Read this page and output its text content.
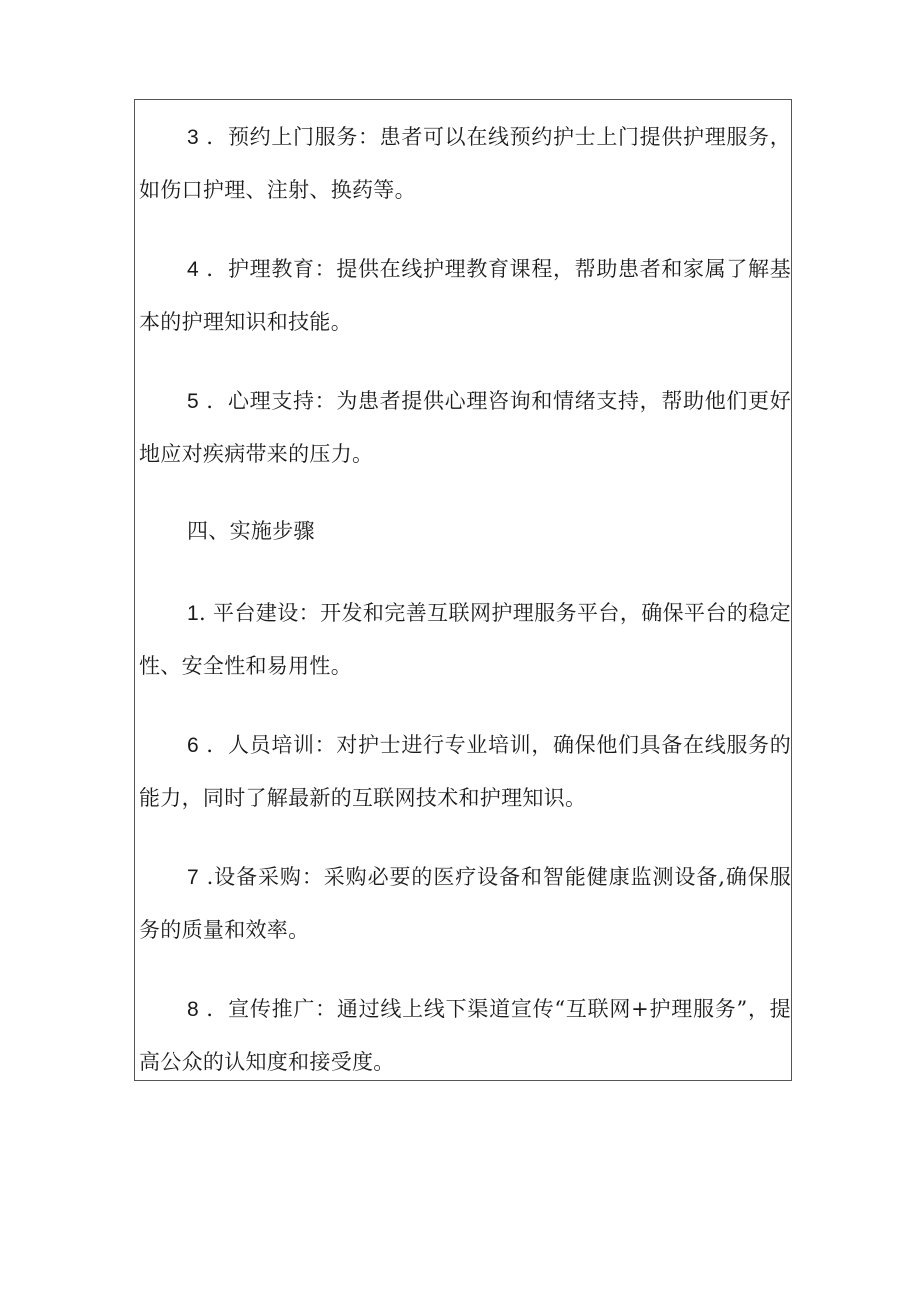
3 ．预约上门服务：患者可以在线预约护士上门提供护理服务，如伤口护理、注射、换药等。

4 ．护理教育：提供在线护理教育课程，帮助患者和家属了解基本的护理知识和技能。

5 ．心理支持：为患者提供心理咨询和情绪支持，帮助他们更好地应对疾病带来的压力。

四、实施步骤

1. 平台建设：开发和完善互联网护理服务平台，确保平台的稳定性、安全性和易用性。

6 ．人员培训：对护士进行专业培训，确保他们具备在线服务的能力，同时了解最新的互联网技术和护理知识。

7 .设备采购：采购必要的医疗设备和智能健康监测设备,确保服务的质量和效率。

8 ．宣传推广：通过线上线下渠道宣传“互联网+护理服务”，提高公众的认知度和接受度。
